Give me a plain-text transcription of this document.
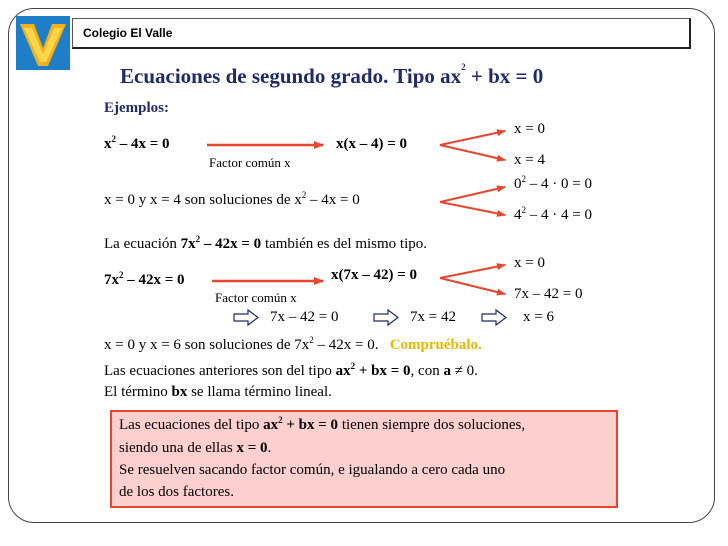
Colegio El Valle
Ecuaciones de segundo grado. Tipo $ax^2$ + bx = 0
Ejemplos:
$x^2 - 4x = 0$
Factor común x
x(x – 4) = 0
x = 0
x = 4
$0^2 - 4 \cdot 0 = 0$
$4^2 - 4 \cdot 4 = 0$
x = 0 y x = 4 son soluciones de $x^2 - 4x = 0$
La ecuación $7x^2 - 42x = 0$ también es del mismo tipo.
$7x^2 - 42x = 0$
Factor común x
x(7x – 42) = 0
x = 0
7x – 42 = 0
7x – 42 = 0	7x = 42	x = 6
x = 0 y x = 6 son soluciones de $7x^2 - 42x = 0$. Compruébalo.
Las ecuaciones anteriores son del tipo $ax^2$ + bx = 0, con a ≠ 0.
El término bx se llama término lineal.
Las ecuaciones del tipo $ax^2$ + bx = 0 tienen siempre dos soluciones,
siendo una de ellas x = 0.
Se resuelven sacando factor común, e igualando a cero cada uno
de los dos factores.
